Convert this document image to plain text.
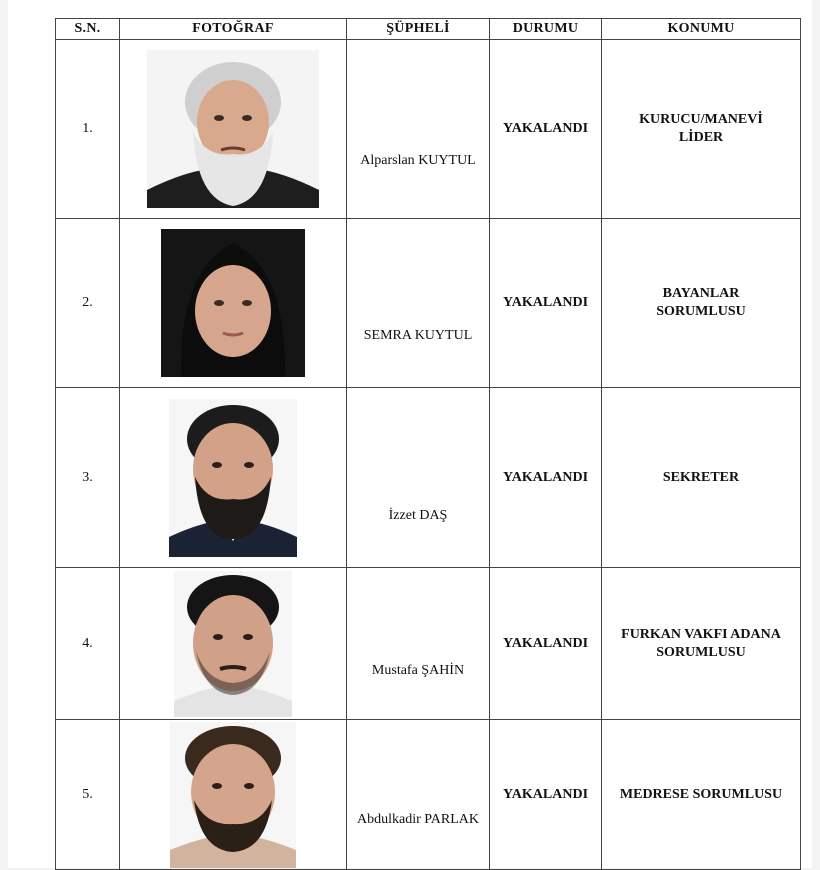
S.N.	FOTOĞRAF	ŞÜPHELİ	DURUMU	KONUMU
1.		Alparslan KUYTUL	YAKALANDI	KURUCU/MANEVİ
LİDER

2.		SEMRA KUYTUL	YAKALANDI	BAYANLAR
SORUMLUSU

3.		İzzet DAŞ	YAKALANDI	SEKRETER

4.		Mustafa ŞAHİN	YAKALANDI	FURKAN VAKFI ADANA
SORUMLUSU

5.		Abdulkadir PARLAK	YAKALANDI	MEDRESE SORUMLUSU
